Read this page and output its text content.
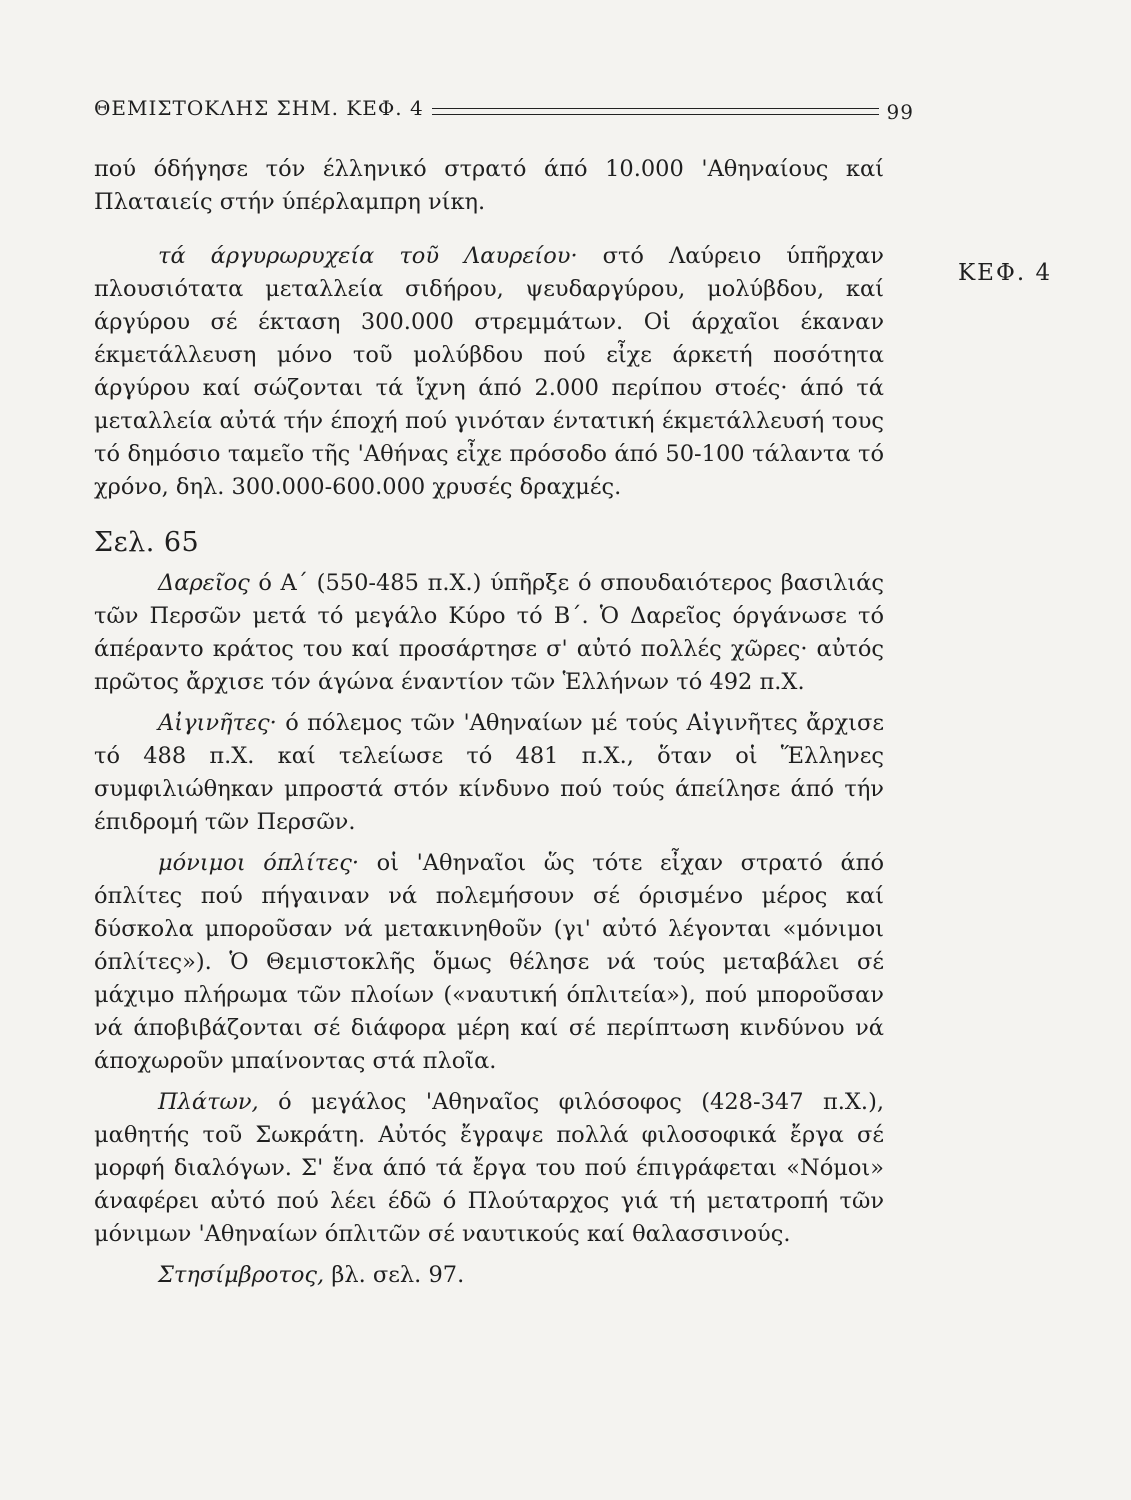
ΘΕΜΙΣΤΟΚΛΗΣ ΣΗΜ. ΚΕΦ. 4	99
ΚΕΦ. 4

πού όδήγησε τόν έλληνικό στρατό άπό 10.000 'Αθηναίους καί Πλαταιείς στήν ύπέρλαμπρη νίκη.

τά άργυρωρυχεία τοῦ Λαυρείου· στό Λαύρειο ύπῆρχαν πλουσιότατα μεταλλεία σιδήρου, ψευδαργύρου, μολύβδου, καί άργύρου σέ έκταση 300.000 στρεμμάτων. Οἱ άρχαῖοι έκαναν έκμετάλλευση μόνο τοῦ μολύβδου πού εἶχε άρκετή ποσότητα άργύρου καί σώζονται τά ἴχνη άπό 2.000 περίπου στοές· άπό τά μεταλλεία αὐτά τήν έποχή πού γινόταν έντατική έκμετάλλευσή τους τό δημόσιο ταμεῖο τῆς 'Αθήνας εἶχε πρόσοδο άπό 50-100 τάλαντα τό χρόνο, δηλ. 300.000-600.000 χρυσές δραχμές.

Σελ. 65

Δαρεῖος ό Α΄ (550-485 π.Χ.) ύπῆρξε ό σπουδαιότερος βασιλιάς τῶν Περσῶν μετά τό μεγάλο Κύρο τό Β΄. Ὁ Δαρεῖος όργάνωσε τό άπέραντο κράτος του καί προσάρτησε σ' αὐτό πολλές χῶρες· αὐτός πρῶτος ἄρχισε τόν άγώνα έναντίον τῶν Ἑλλήνων τό 492 π.Χ.

Αἰγινῆτες· ό πόλεμος τῶν 'Αθηναίων μέ τούς Αἰγινῆτες ἄρχισε τό 488 π.Χ. καί τελείωσε τό 481 π.Χ., ὅταν οἱ Ἕλληνες συμφιλιώθηκαν μπροστά στόν κίνδυνο πού τούς άπείλησε άπό τήν έπιδρομή τῶν Περσῶν.

μόνιμοι όπλίτες· οἱ 'Αθηναῖοι ὥς τότε εἶχαν στρατό άπό όπλίτες πού πήγαιναν νά πολεμήσουν σέ όρισμένο μέρος καί δύσκολα μποροῦσαν νά μετακινηθοῦν (γι' αὐτό λέγονται «μόνιμοι όπλίτες»). Ὁ Θεμιστοκλῆς ὅμως θέλησε νά τούς μεταβάλει σέ μάχιμο πλήρωμα τῶν πλοίων («ναυτική όπλιτεία»), πού μποροῦσαν νά άποβιβάζονται σέ διάφορα μέρη καί σέ περίπτωση κινδύνου νά άποχωροῦν μπαίνοντας στά πλοῖα.

Πλάτων, ό μεγάλος 'Αθηναῖος φιλόσοφος (428-347 π.Χ.), μαθητής τοῦ Σωκράτη. Αὐτός ἔγραψε πολλά φιλοσοφικά ἔργα σέ μορφή διαλόγων. Σ' ἕνα άπό τά ἔργα του πού έπιγράφεται «Νόμοι» άναφέρει αὐτό πού λέει έδῶ ό Πλούταρχος γιά τή μετατροπή τῶν μόνιμων 'Αθηναίων όπλιτῶν σέ ναυτικούς καί θαλασσινούς.

Στησίμβροτος, βλ. σελ. 97.
